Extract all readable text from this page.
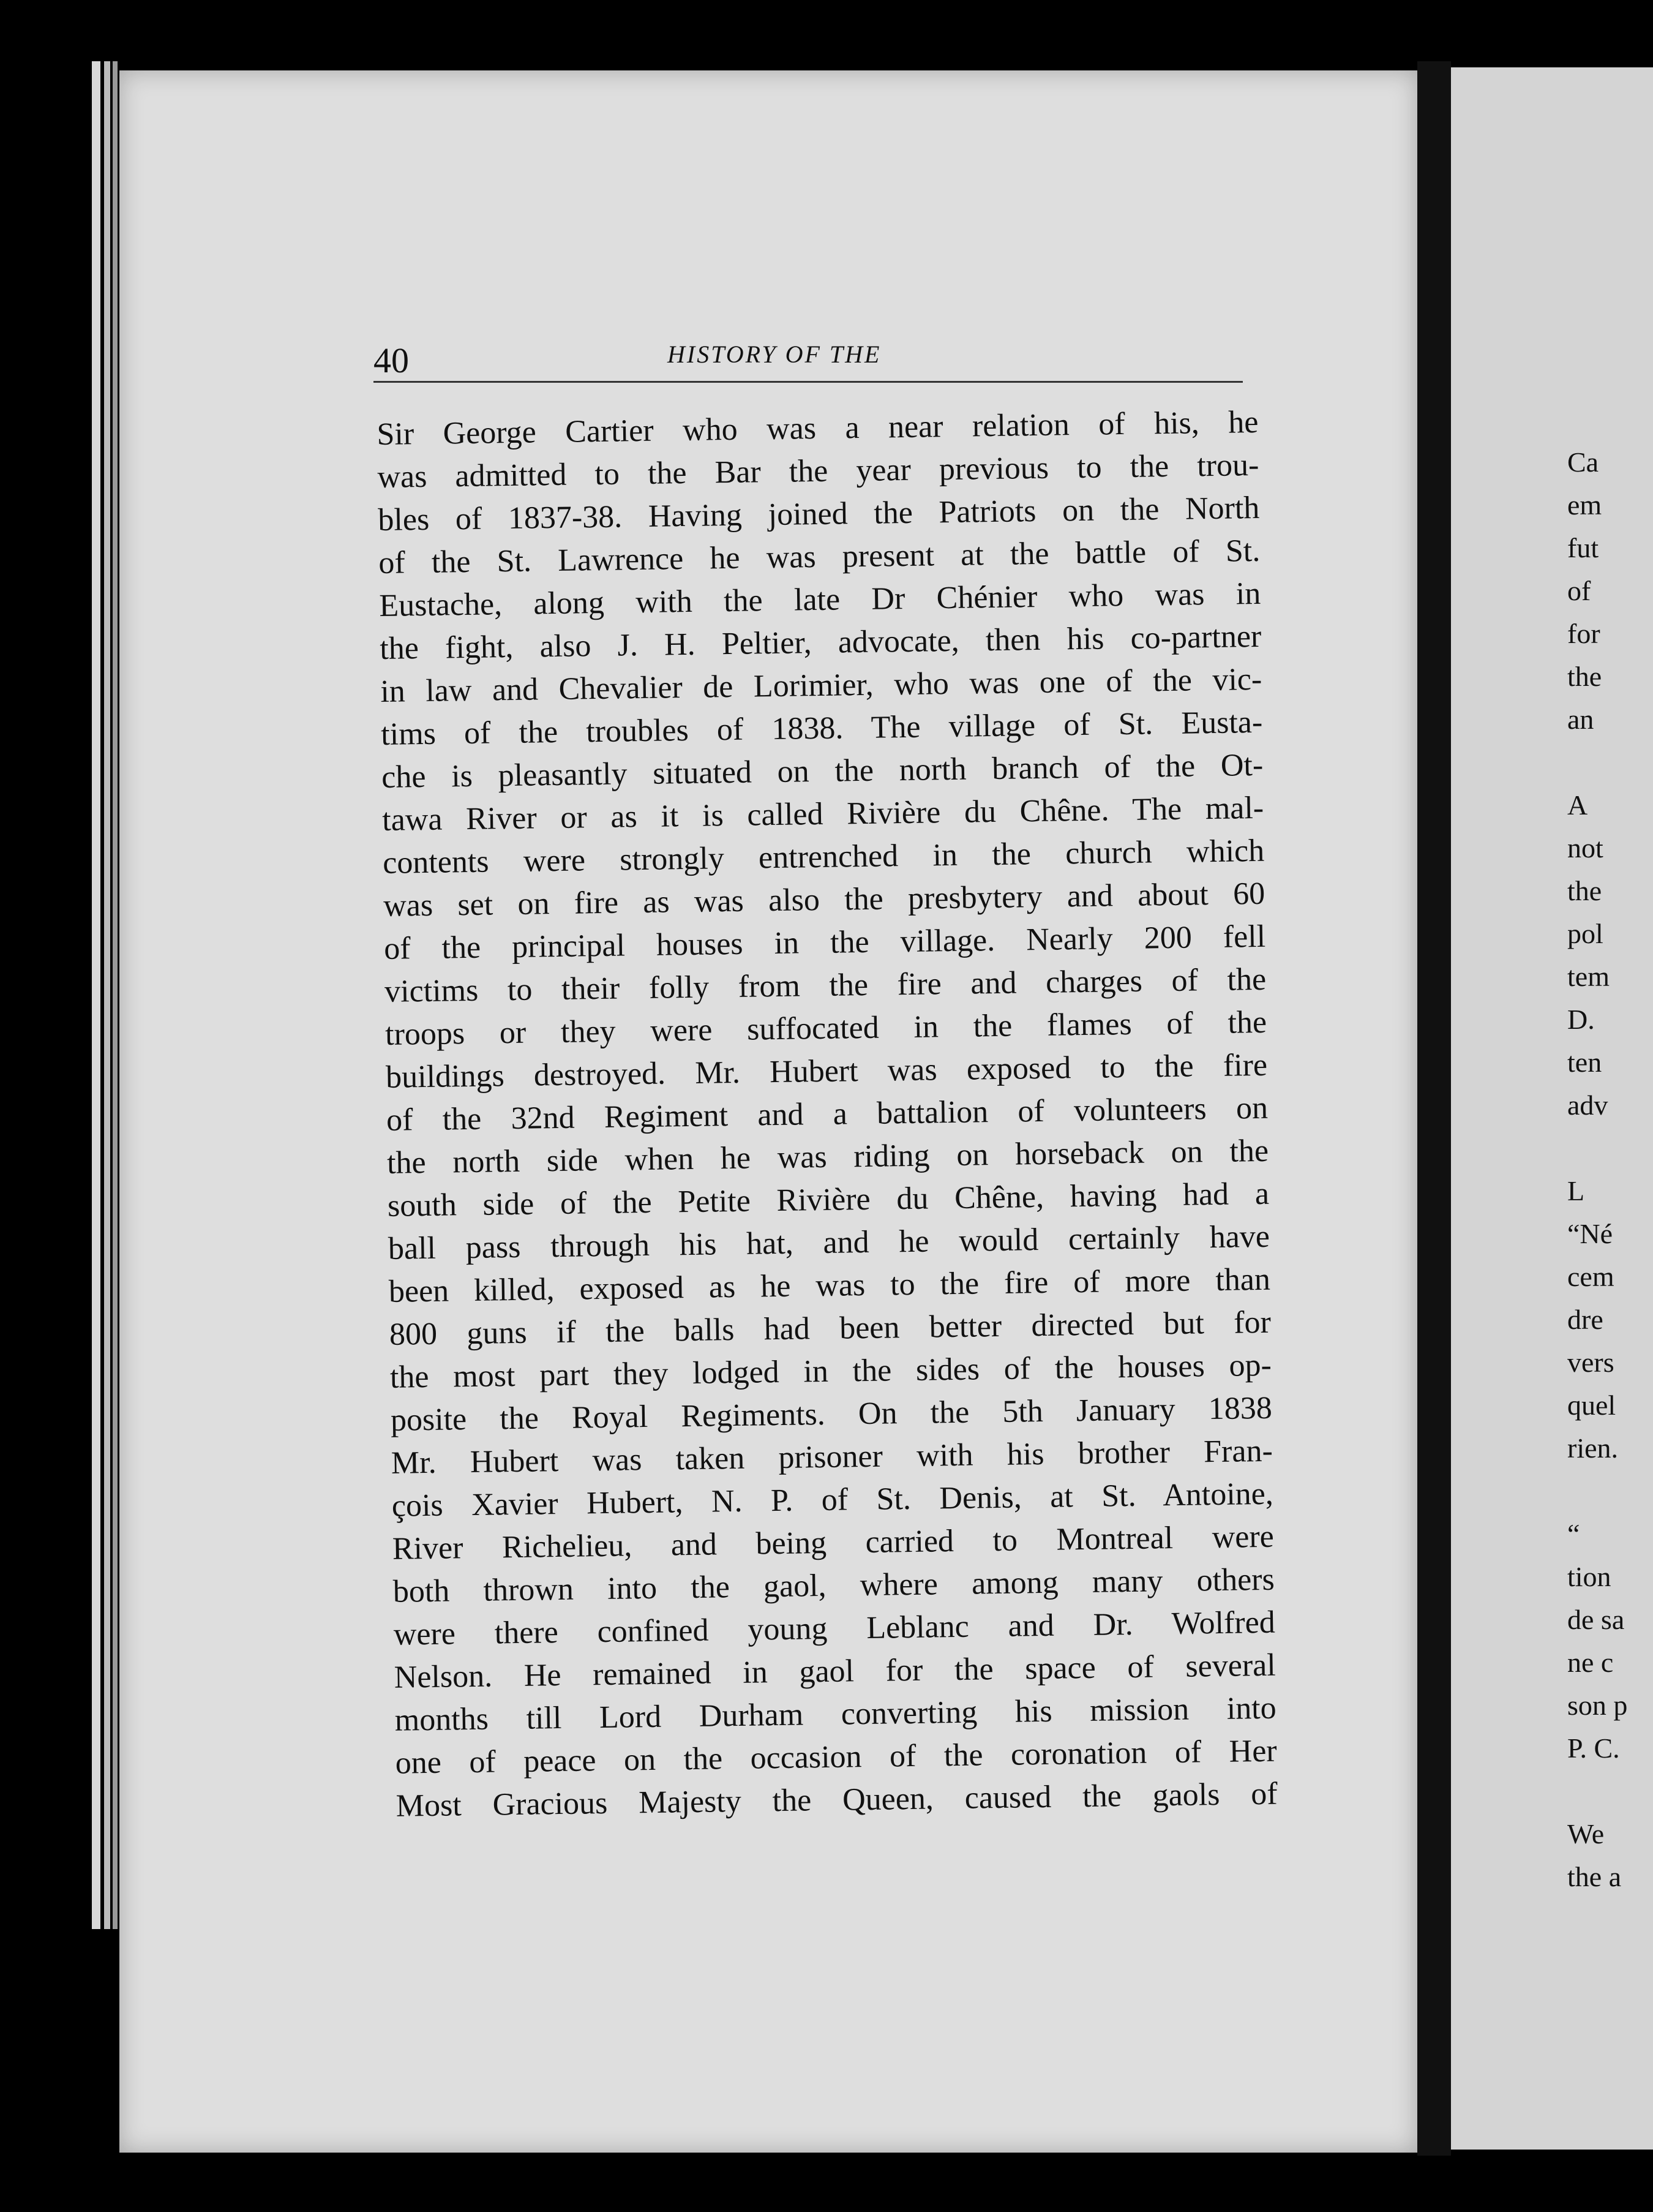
40	HISTORY OF THE
Sir George Cartier who was a near relation of his, he
was admitted to the Bar the year previous to the trou-
bles of 1837-38. Having joined the Patriots on the North
of the St. Lawrence he was present at the battle of St.
Eustache, along with the late Dr Chénier who was in
the fight, also J. H. Peltier, advocate, then his co-partner
in law and Chevalier de Lorimier, who was one of the vic-
tims of the troubles of 1838. The village of St. Eusta-
che is pleasantly situated on the north branch of the Ot-
tawa River or as it is called Rivière du Chêne. The mal-
contents were strongly entrenched in the church which
was set on fire as was also the presbytery and about 60
of the principal houses in the village. Nearly 200 fell
victims to their folly from the fire and charges of the
troops or they were suffocated in the flames of the
buildings destroyed. Mr. Hubert was exposed to the fire
of the 32nd Regiment and a battalion of volunteers on
the north side when he was riding on horseback on the
south side of the Petite Rivière du Chêne, having had a
ball pass through his hat, and he would certainly have
been killed, exposed as he was to the fire of more than
800 guns if the balls had been better directed but for
the most part they lodged in the sides of the houses op-
posite the Royal Regiments. On the 5th January 1838
Mr. Hubert was taken prisoner with his brother Fran-
çois Xavier Hubert, N. P. of St. Denis, at St. Antoine,
River Richelieu, and being carried to Montreal were
both thrown into the gaol, where among many others
were there confined young Leblanc and Dr. Wolfred
Nelson. He remained in gaol for the space of several
months till Lord Durham converting his mission into
one of peace on the occasion of the coronation of Her
Most Gracious Majesty the Queen, caused the gaols of
Ca
em
fut
of
for
the
an
A
not
the
pol
tem
D.
ten
adv
L
“Né
cem
dre
vers
quel
rien.
“
tion
de sa
ne c
son p
P. C.
We
the a
